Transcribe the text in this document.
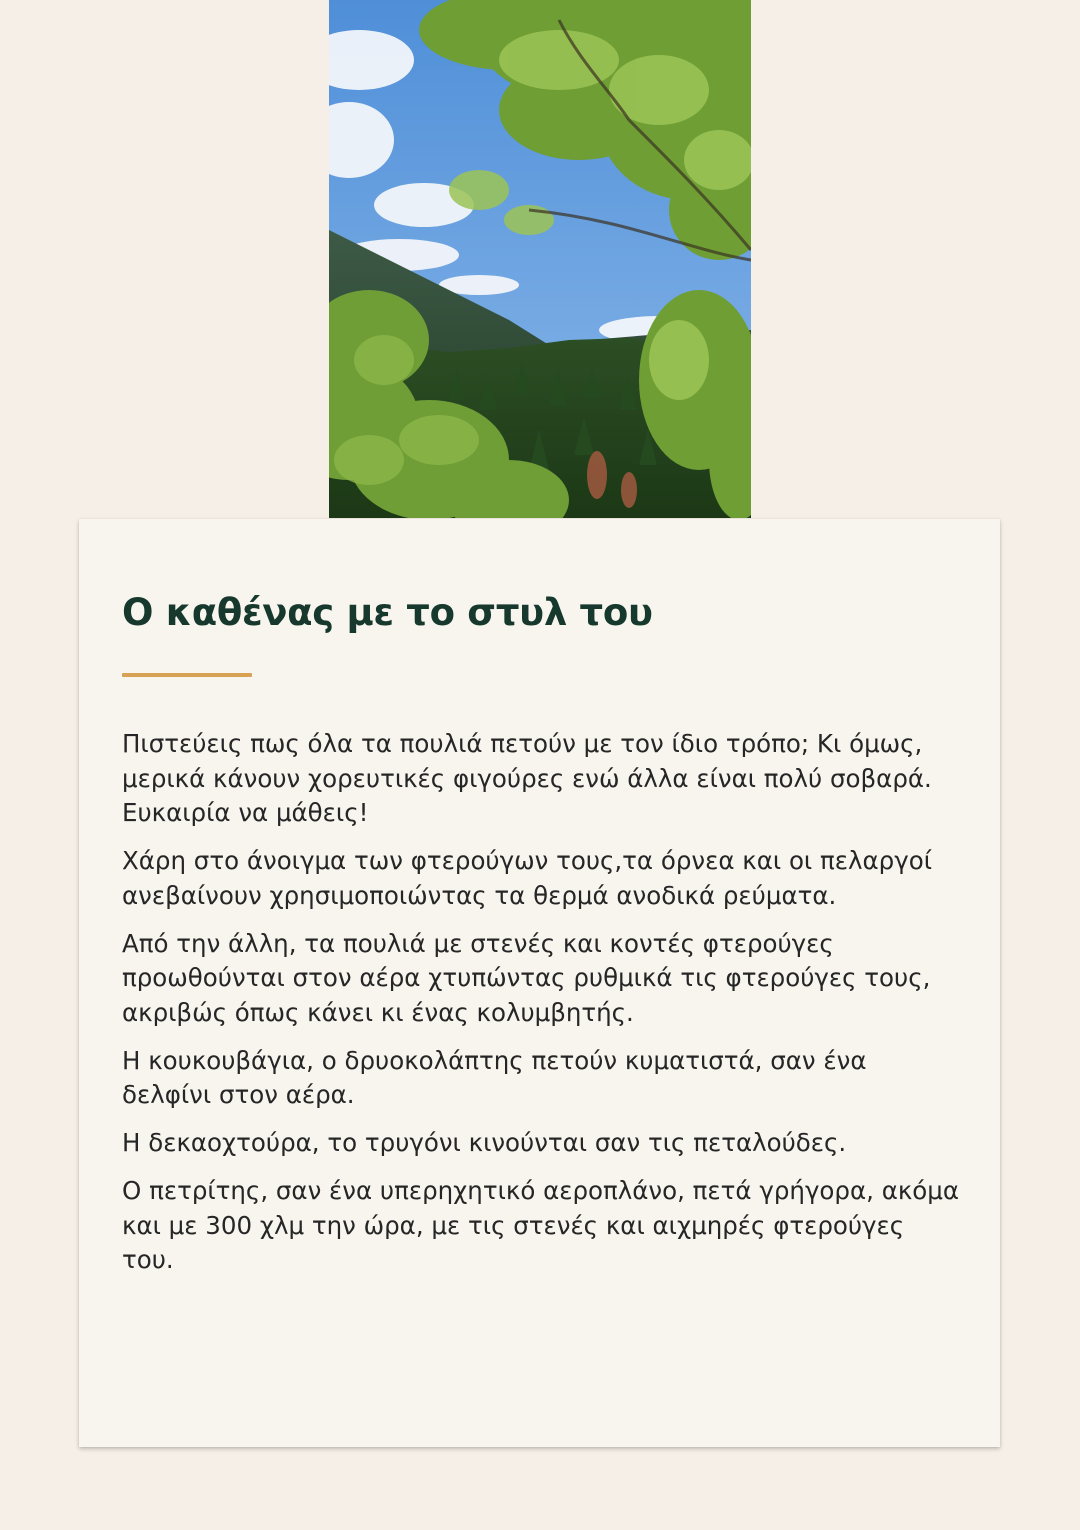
Ο καθένας με το στυλ του

Πιστεύεις πως όλα τα πουλιά πετούν με τον ίδιο τρόπο; Κι όμως, μερικά κάνουν χορευτικές φιγούρες ενώ άλλα είναι πολύ σοβαρά. Ευκαιρία να μάθεις!

Χάρη στο άνοιγμα των φτερούγων τους,τα όρνεα και οι πελαργοί ανεβαίνουν χρησιμοποιώντας τα θερμά ανοδικά ρεύματα.

Από την άλλη, τα πουλιά με στενές και κοντές φτερούγες προωθούνται στον αέρα χτυπώντας ρυθμικά τις φτερούγες τους, ακριβώς όπως κάνει κι ένας κολυμβητής.

Η κουκουβάγια, ο δρυοκολάπτης πετούν κυματιστά, σαν ένα δελφίνι στον αέρα.

Η δεκαοχτούρα, το τρυγόνι κινούνται σαν τις πεταλούδες.

Ο πετρίτης, σαν ένα υπερηχητικό αεροπλάνο, πετά γρήγορα, ακόμα και με 300 χλμ την ώρα, με τις στενές και αιχμηρές φτερούγες του.
